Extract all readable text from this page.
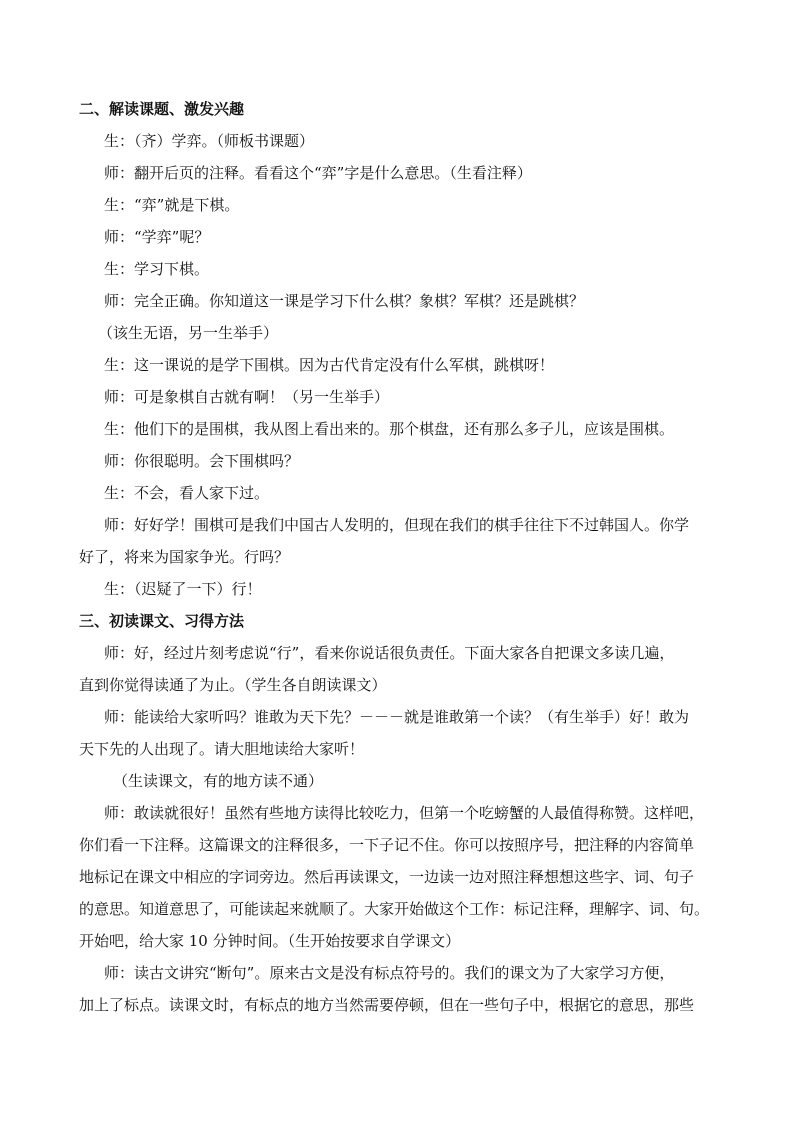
二、解读课题、激发兴趣
生：（齐）学弈。（师板书课题）
师：翻开后页的注释。看看这个“弈”字是什么意思。（生看注释）
生：“弈”就是下棋。
师：“学弈”呢？
生：学习下棋。
师：完全正确。你知道这一课是学习下什么棋？象棋？军棋？还是跳棋？
（该生无语，另一生举手）
生：这一课说的是学下围棋。因为古代肯定没有什么军棋，跳棋呀！
师：可是象棋自古就有啊！（另一生举手）
生：他们下的是围棋，我从图上看出来的。那个棋盘，还有那么多子儿，应该是围棋。
师：你很聪明。会下围棋吗？
生：不会，看人家下过。
师：好好学！围棋可是我们中国古人发明的，但现在我们的棋手往往下不过韩国人。你学
好了，将来为国家争光。行吗？
生：（迟疑了一下）行！
三、初读课文、习得方法
师：好，经过片刻考虑说“行”，看来你说话很负责任。下面大家各自把课文多读几遍，
直到你觉得读通了为止。（学生各自朗读课文）
师：能读给大家听吗？谁敢为天下先？－－－就是谁敢第一个读？（有生举手）好！敢为
天下先的人出现了。请大胆地读给大家听！
（生读课文，有的地方读不通）
师：敢读就很好！虽然有些地方读得比较吃力，但第一个吃螃蟹的人最值得称赞。这样吧，
你们看一下注释。这篇课文的注释很多，一下子记不住。你可以按照序号，把注释的内容简单
地标记在课文中相应的字词旁边。然后再读课文，一边读一边对照注释想想这些字、词、句子
的意思。知道意思了，可能读起来就顺了。大家开始做这个工作：标记注释，理解字、词、句。
开始吧，给大家 10 分钟时间。（生开始按要求自学课文）
师：读古文讲究“断句”。原来古文是没有标点符号的。我们的课文为了大家学习方便，
加上了标点。读课文时，有标点的地方当然需要停顿，但在一些句子中，根据它的意思，那些
